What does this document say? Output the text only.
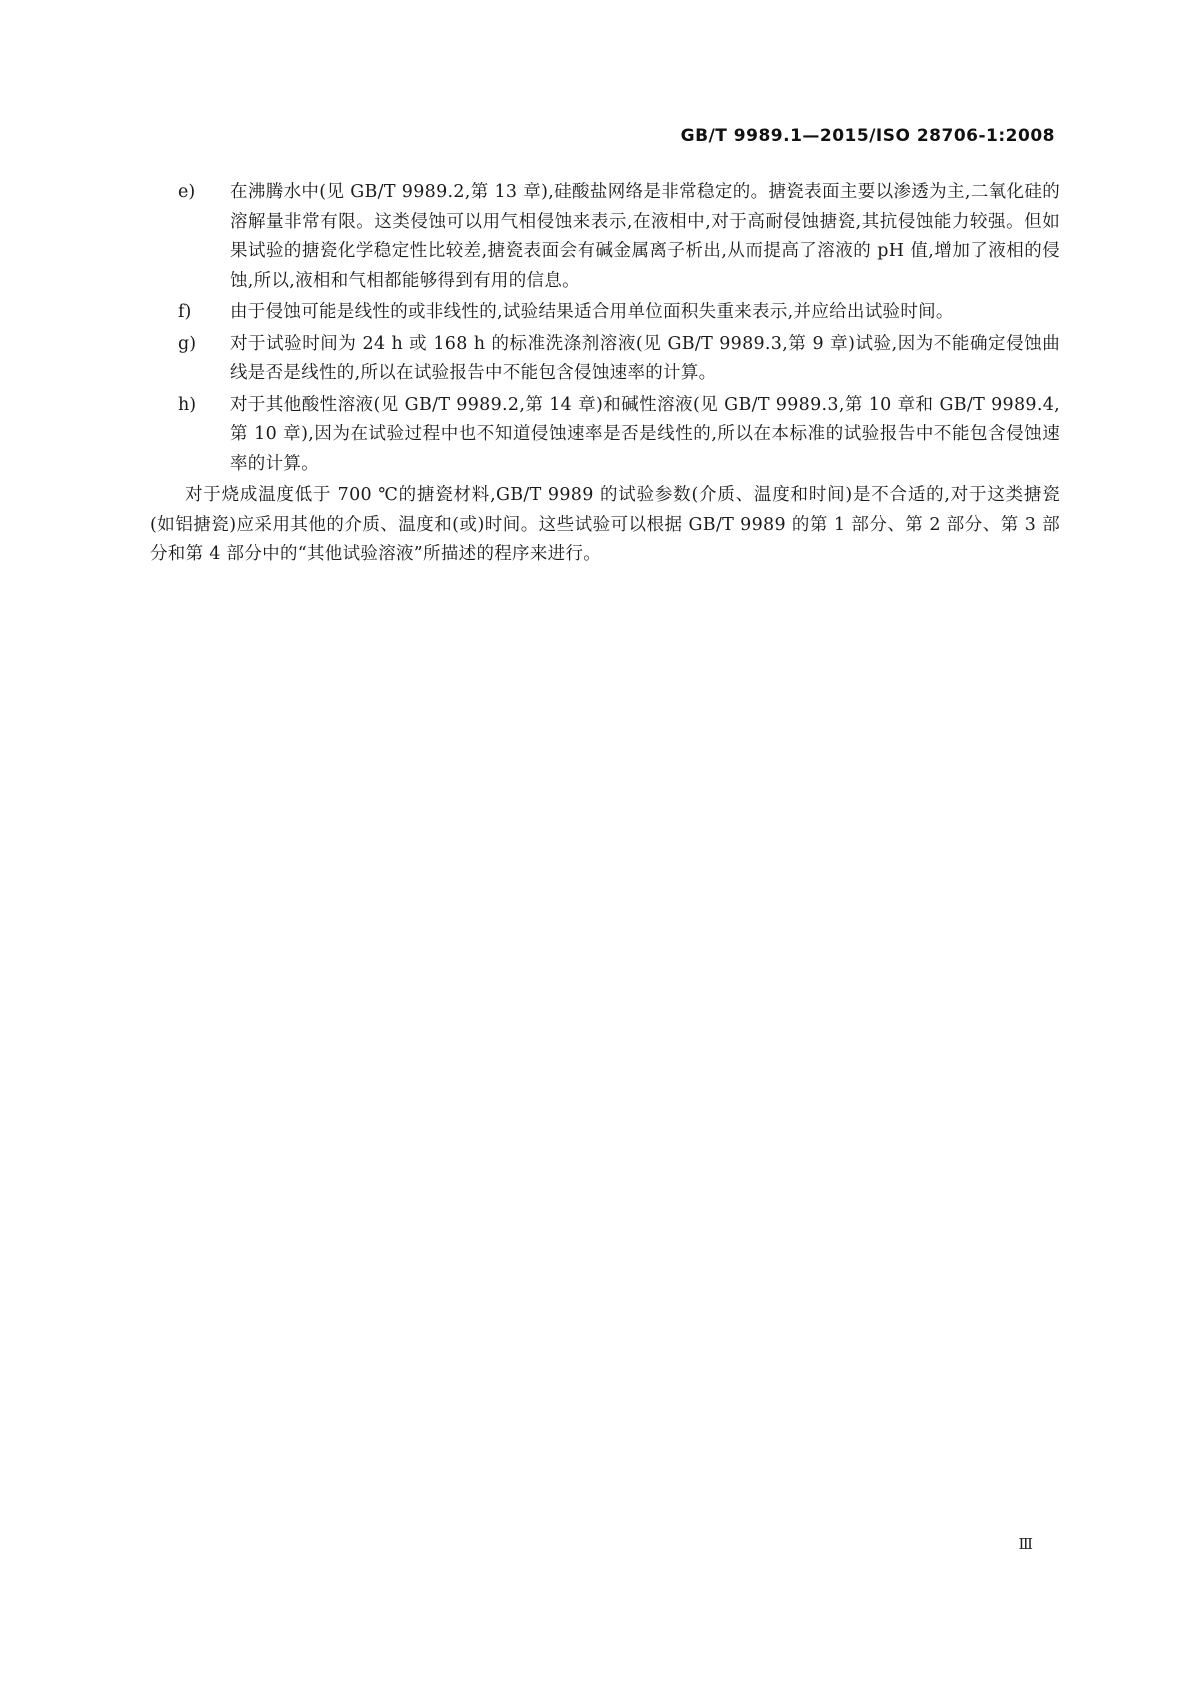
GB/T 9989.1—2015/ISO 28706-1:2008
e)	在沸腾水中(见 GB/T 9989.2,第 13 章),硅酸盐网络是非常稳定的。搪瓷表面主要以渗透为主,二氧化硅的溶解量非常有限。这类侵蚀可以用气相侵蚀来表示,在液相中,对于高耐侵蚀搪瓷,其抗侵蚀能力较强。但如果试验的搪瓷化学稳定性比较差,搪瓷表面会有碱金属离子析出,从而提高了溶液的 pH 值,增加了液相的侵蚀,所以,液相和气相都能够得到有用的信息。
f)	由于侵蚀可能是线性的或非线性的,试验结果适合用单位面积失重来表示,并应给出试验时间。
g)	对于试验时间为 24 h 或 168 h 的标准洗涤剂溶液(见 GB/T 9989.3,第 9 章)试验,因为不能确定侵蚀曲线是否是线性的,所以在试验报告中不能包含侵蚀速率的计算。
h)	对于其他酸性溶液(见 GB/T 9989.2,第 14 章)和碱性溶液(见 GB/T 9989.3,第 10 章和 GB/T 9989.4, 第 10 章),因为在试验过程中也不知道侵蚀速率是否是线性的,所以在本标准的试验报告中不能包含侵蚀速率的计算。

对于烧成温度低于 700 ℃的搪瓷材料,GB/T 9989 的试验参数(介质、温度和时间)是不合适的,对于这类搪瓷(如铝搪瓷)应采用其他的介质、温度和(或)时间。这些试验可以根据 GB/T 9989 的第 1 部分、第 2 部分、第 3 部分和第 4 部分中的“其他试验溶液”所描述的程序来进行。

Ⅲ
